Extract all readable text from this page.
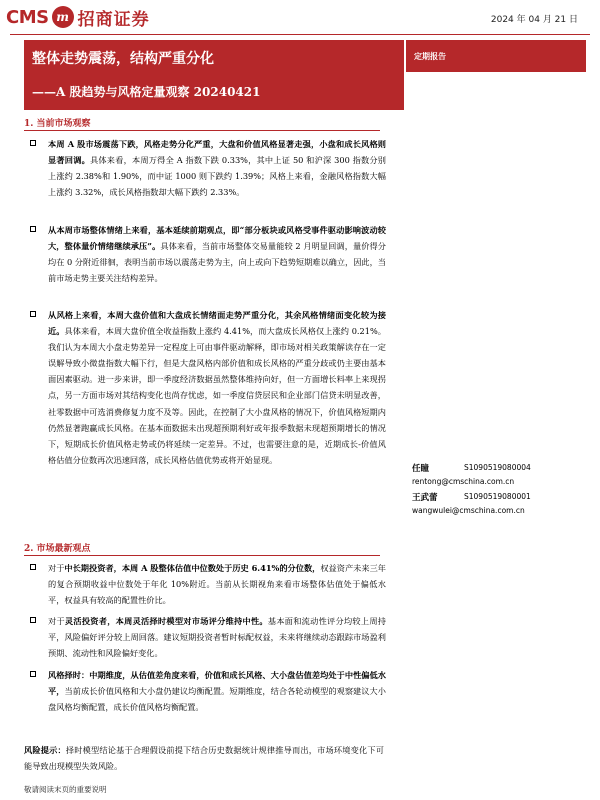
CMS m 招商证券	2024 年 04 月 21 日
整体走势震荡，结构严重分化
——A 股趋势与风格定量观察 20240421
定期报告
1. 当前市场观察
本周 A 股市场震荡下跌，风格走势分化严重，大盘和价值风格显著走强，小盘和成长风格则显著回调。具体来看，本周万得全 A 指数下跌 0.33%，其中上证 50 和沪深 300 指数分别上涨约 2.38%和 1.90%，而中证 1000 则下跌约 1.39%；风格上来看，金融风格指数大幅上涨约 3.32%，成长风格指数却大幅下跌约 2.33%。
从本周市场整体情绪上来看，基本延续前期观点，即“部分板块或风格受事件驱动影响波动较大，整体量价情绪继续承压”。具体来看，当前市场整体交易量能较 2 月明显回调，量价得分均在 0 分附近徘徊，表明当前市场以震荡走势为主，向上或向下趋势短期难以确立，因此，当前市场走势主要关注结构差异。
从风格上来看，本周大盘价值和大盘成长情绪面走势严重分化，其余风格情绪面变化较为接近。具体来看，本周大盘价值全收益指数上涨约 4.41%，而大盘成长风格仅上涨约 0.21%。我们认为本周大小盘走势差异一定程度上可由事件驱动解释，即市场对相关政策解读存在一定误解导致小微盘指数大幅下行，但是大盘风格内部价值和成长风格的严重分歧或仍主要由基本面因素驱动。进一步来讲，即一季度经济数据虽然整体维持向好，但一方面增长料率上来现拐点，另一方面市场对其结构变化也尚存忧虑，如一季度信贷层民和企业部门信贷未明显改善，社零数据中可选消费修复力度不及等。因此，在控制了大小盘风格的情况下，价值风格短期内仍然显著跑赢成长风格。在基本面数据未出现超预期利好或年报季数据未现超预期增长的情况下，短期成长价值风格走势或仍将延续一定差异。不过，也需要注意的是，近期成长-价值风格估值分位数再次迅速回落，成长风格估值优势或将开始显现。
任瞳	S1090519080004
rentong@cmschina.com.cn
王武蕾	S1090519080001
wangwulei@cmschina.com.cn
2. 市场最新观点
对于中长期投资者，本周 A 股整体估值中位数处于历史 6.41%的分位数，权益资产未来三年的复合预期收益中位数处于年化 10%附近。当前从长期视角来看市场整体估值处于偏低水平，权益具有较高的配置性价比。
对于灵活投资者，本周灵活择时模型对市场评分维持中性。基本面和流动性评分均较上周持平，风险偏好评分较上周回落。建议短期投资者暂时标配权益，未来将继续动态跟踪市场盈利预期、流动性和风险偏好变化。
风格择时：中期维度，从估值差角度来看，价值和成长风格、大小盘估值差均处于中性偏低水平，当前成长价值风格和大小盘仍建议均衡配置。短期维度，结合各轮动模型的观察建议大小盘风格均衡配置，成长价值风格均衡配置。
风险提示：择时模型结论基于合理假设前提下结合历史数据统计规律推导而出，市场环境变化下可能导致出现模型失效风险。
敬请阅读末页的重要说明
